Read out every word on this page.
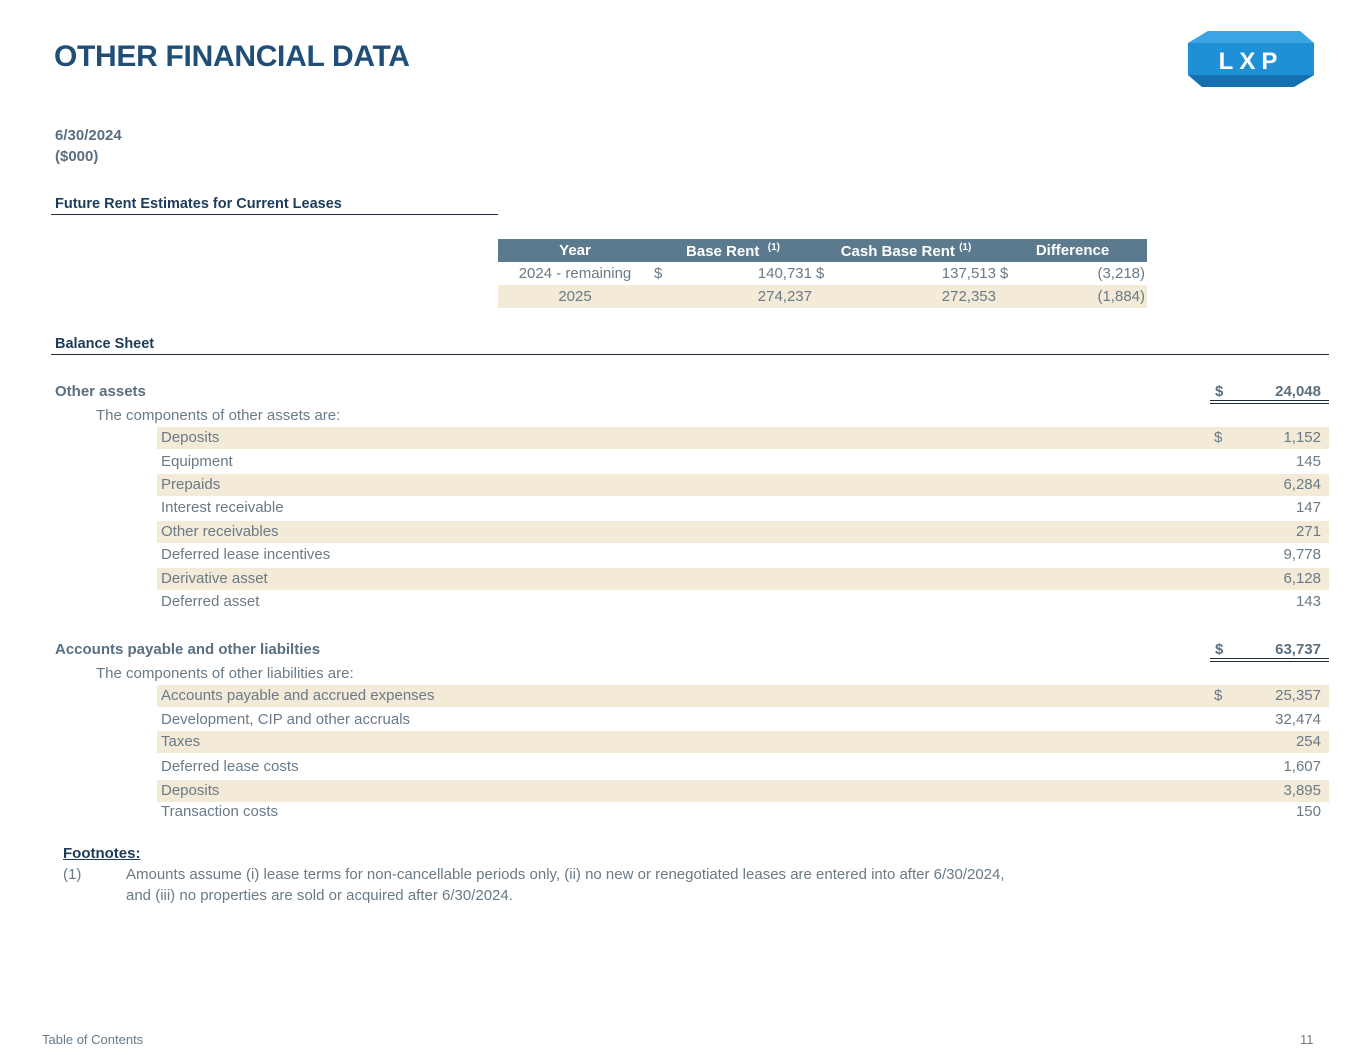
OTHER FINANCIAL DATA	LXP
6/30/2024
($000)
Future Rent Estimates for Current Leases
Year	Base Rent $^{(1)}$		Cash Base Rent $^{(1)}$		Difference	
2024 - remaining	$	140,731	$	137,513	$	(3,218)
2025		274,237		272,353		(1,884)
Balance Sheet
Other assets	$	24,048
The components of other assets are:
Deposits	$	1,152
Equipment	145
Prepaids	6,284
Interest receivable	147
Other receivables	271
Deferred lease incentives	9,778
Derivative asset	6,128
Deferred asset	143
Accounts payable and other liabilties	$	63,737
The components of other liabilities are:
Accounts payable and accrued expenses	$	25,357
Development, CIP and other accruals	32,474
Taxes	254
Deferred lease costs	1,607
Deposits	3,895
Transaction costs	150
Footnotes:
(1)	Amounts assume (i) lease terms for non-cancellable periods only, (ii) no new or renegotiated leases are entered into after 6/30/2024,
and (iii) no properties are sold or acquired after 6/30/2024.
Table of Contents	11
